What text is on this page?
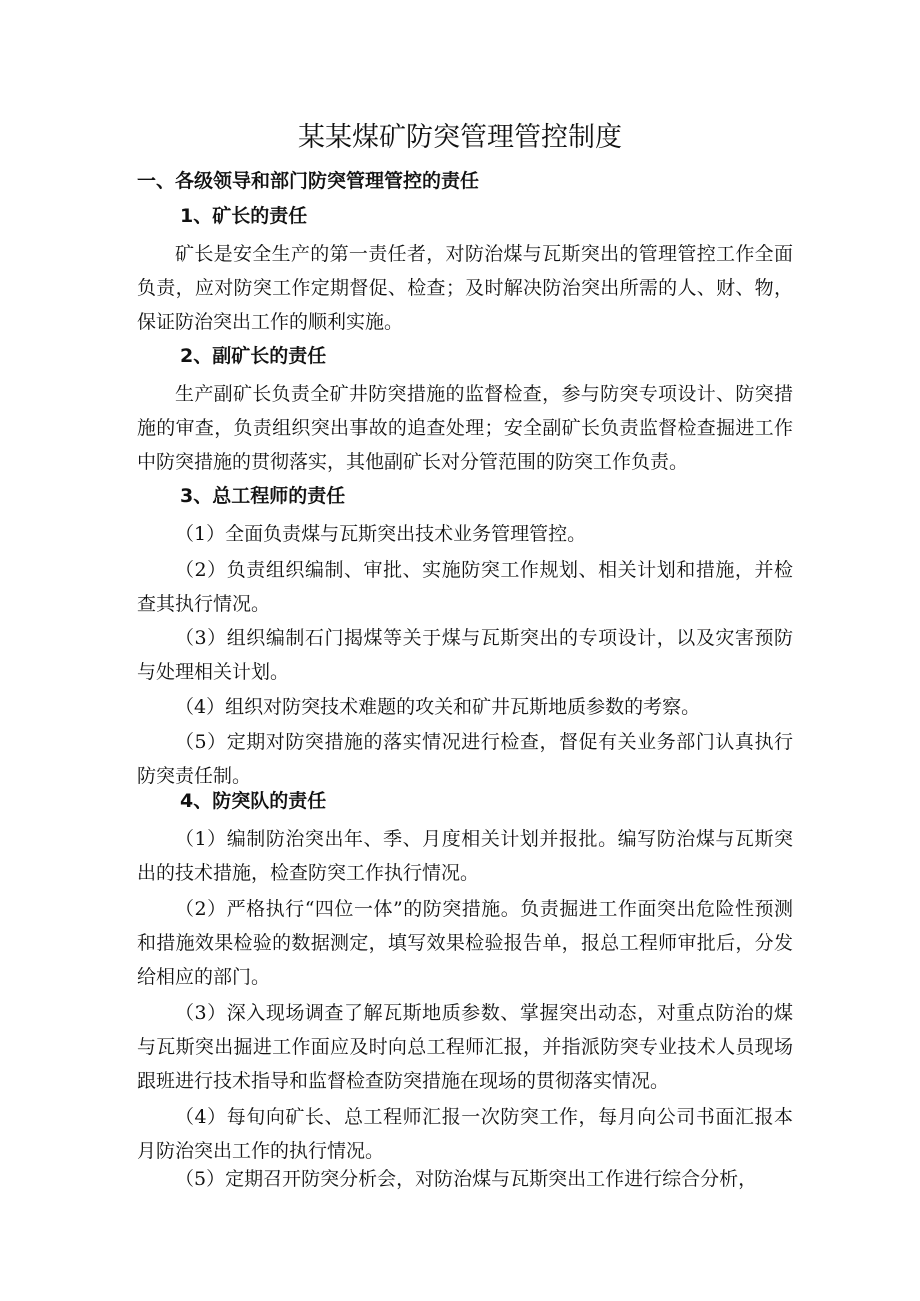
某某煤矿防突管理管控制度
一、各级领导和部门防突管理管控的责任
1、矿长的责任

矿长是安全生产的第一责任者，对防治煤与瓦斯突出的管理管控工作全面负责，应对防突工作定期督促、检查；及时解决防治突出所需的人、财、物，保证防治突出工作的顺利实施。

2、副矿长的责任

生产副矿长负责全矿井防突措施的监督检查，参与防突专项设计、防突措施的审查，负责组织突出事故的追查处理；安全副矿长负责监督检查掘进工作中防突措施的贯彻落实，其他副矿长对分管范围的防突工作负责。

3、总工程师的责任

（1）全面负责煤与瓦斯突出技术业务管理管控。

（2）负责组织编制、审批、实施防突工作规划、相关计划和措施，并检查其执行情况。

（3）组织编制石门揭煤等关于煤与瓦斯突出的专项设计，以及灾害预防与处理相关计划。

（4）组织对防突技术难题的攻关和矿井瓦斯地质参数的考察。

（5）定期对防突措施的落实情况进行检查，督促有关业务部门认真执行防突责任制。

4、防突队的责任

（1）编制防治突出年、季、月度相关计划并报批。编写防治煤与瓦斯突出的技术措施，检查防突工作执行情况。

（2）严格执行“四位一体”的防突措施。负责掘进工作面突出危险性预测和措施效果检验的数据测定，填写效果检验报告单，报总工程师审批后，分发给相应的部门。

（3）深入现场调查了解瓦斯地质参数、掌握突出动态，对重点防治的煤与瓦斯突出掘进工作面应及时向总工程师汇报，并指派防突专业技术人员现场跟班进行技术指导和监督检查防突措施在现场的贯彻落实情况。

（4）每旬向矿长、总工程师汇报一次防突工作，每月向公司书面汇报本月防治突出工作的执行情况。

（5）定期召开防突分析会，对防治煤与瓦斯突出工作进行综合分析，
